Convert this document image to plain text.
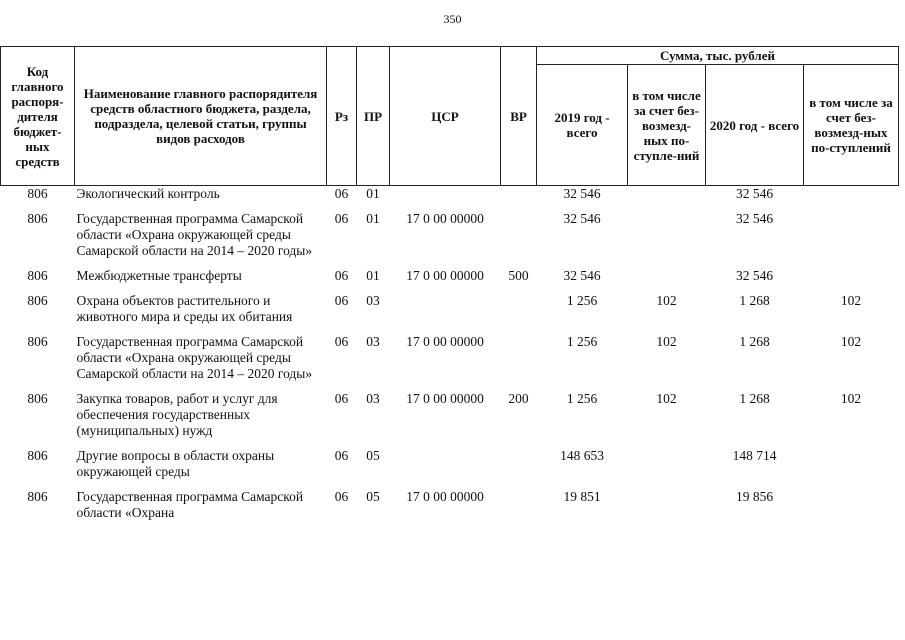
350
Код главного распоря-дителя бюджет-ных средств	Наименование главного распорядителя средств областного бюджета, раздела, подраздела, целевой статьи, группы видов расходов	Рз	ПР	ЦСР	ВР	Сумма, тыс. рублей			
						2019 год - всего	в том числе за счет без-возмезд-ных по-ступле-ний	2020 год - всего	в том числе за счет без-возмезд-ных по-ступлений
806	Экологический контроль	06	01			32 546		32 546	
806	Государственная программа Самарской области «Охрана окружающей среды Самарской области на 2014 – 2020 годы»	06	01	17 0 00 00000		32 546		32 546	
806	Межбюджетные трансферты	06	01	17 0 00 00000	500	32 546		32 546	
806	Охрана объектов растительного и животного мира и среды их обитания	06	03			1 256	102	1 268	102
806	Государственная программа Самарской области «Охрана окружающей среды Самарской области на 2014 – 2020 годы»	06	03	17 0 00 00000		1 256	102	1 268	102
806	Закупка товаров, работ и услуг для обеспечения государственных (муниципальных) нужд	06	03	17 0 00 00000	200	1 256	102	1 268	102
806	Другие вопросы в области охраны окружающей среды	06	05			148 653		148 714	
806	Государственная программа Самарской области «Охрана	06	05	17 0 00 00000		19 851		19 856	
